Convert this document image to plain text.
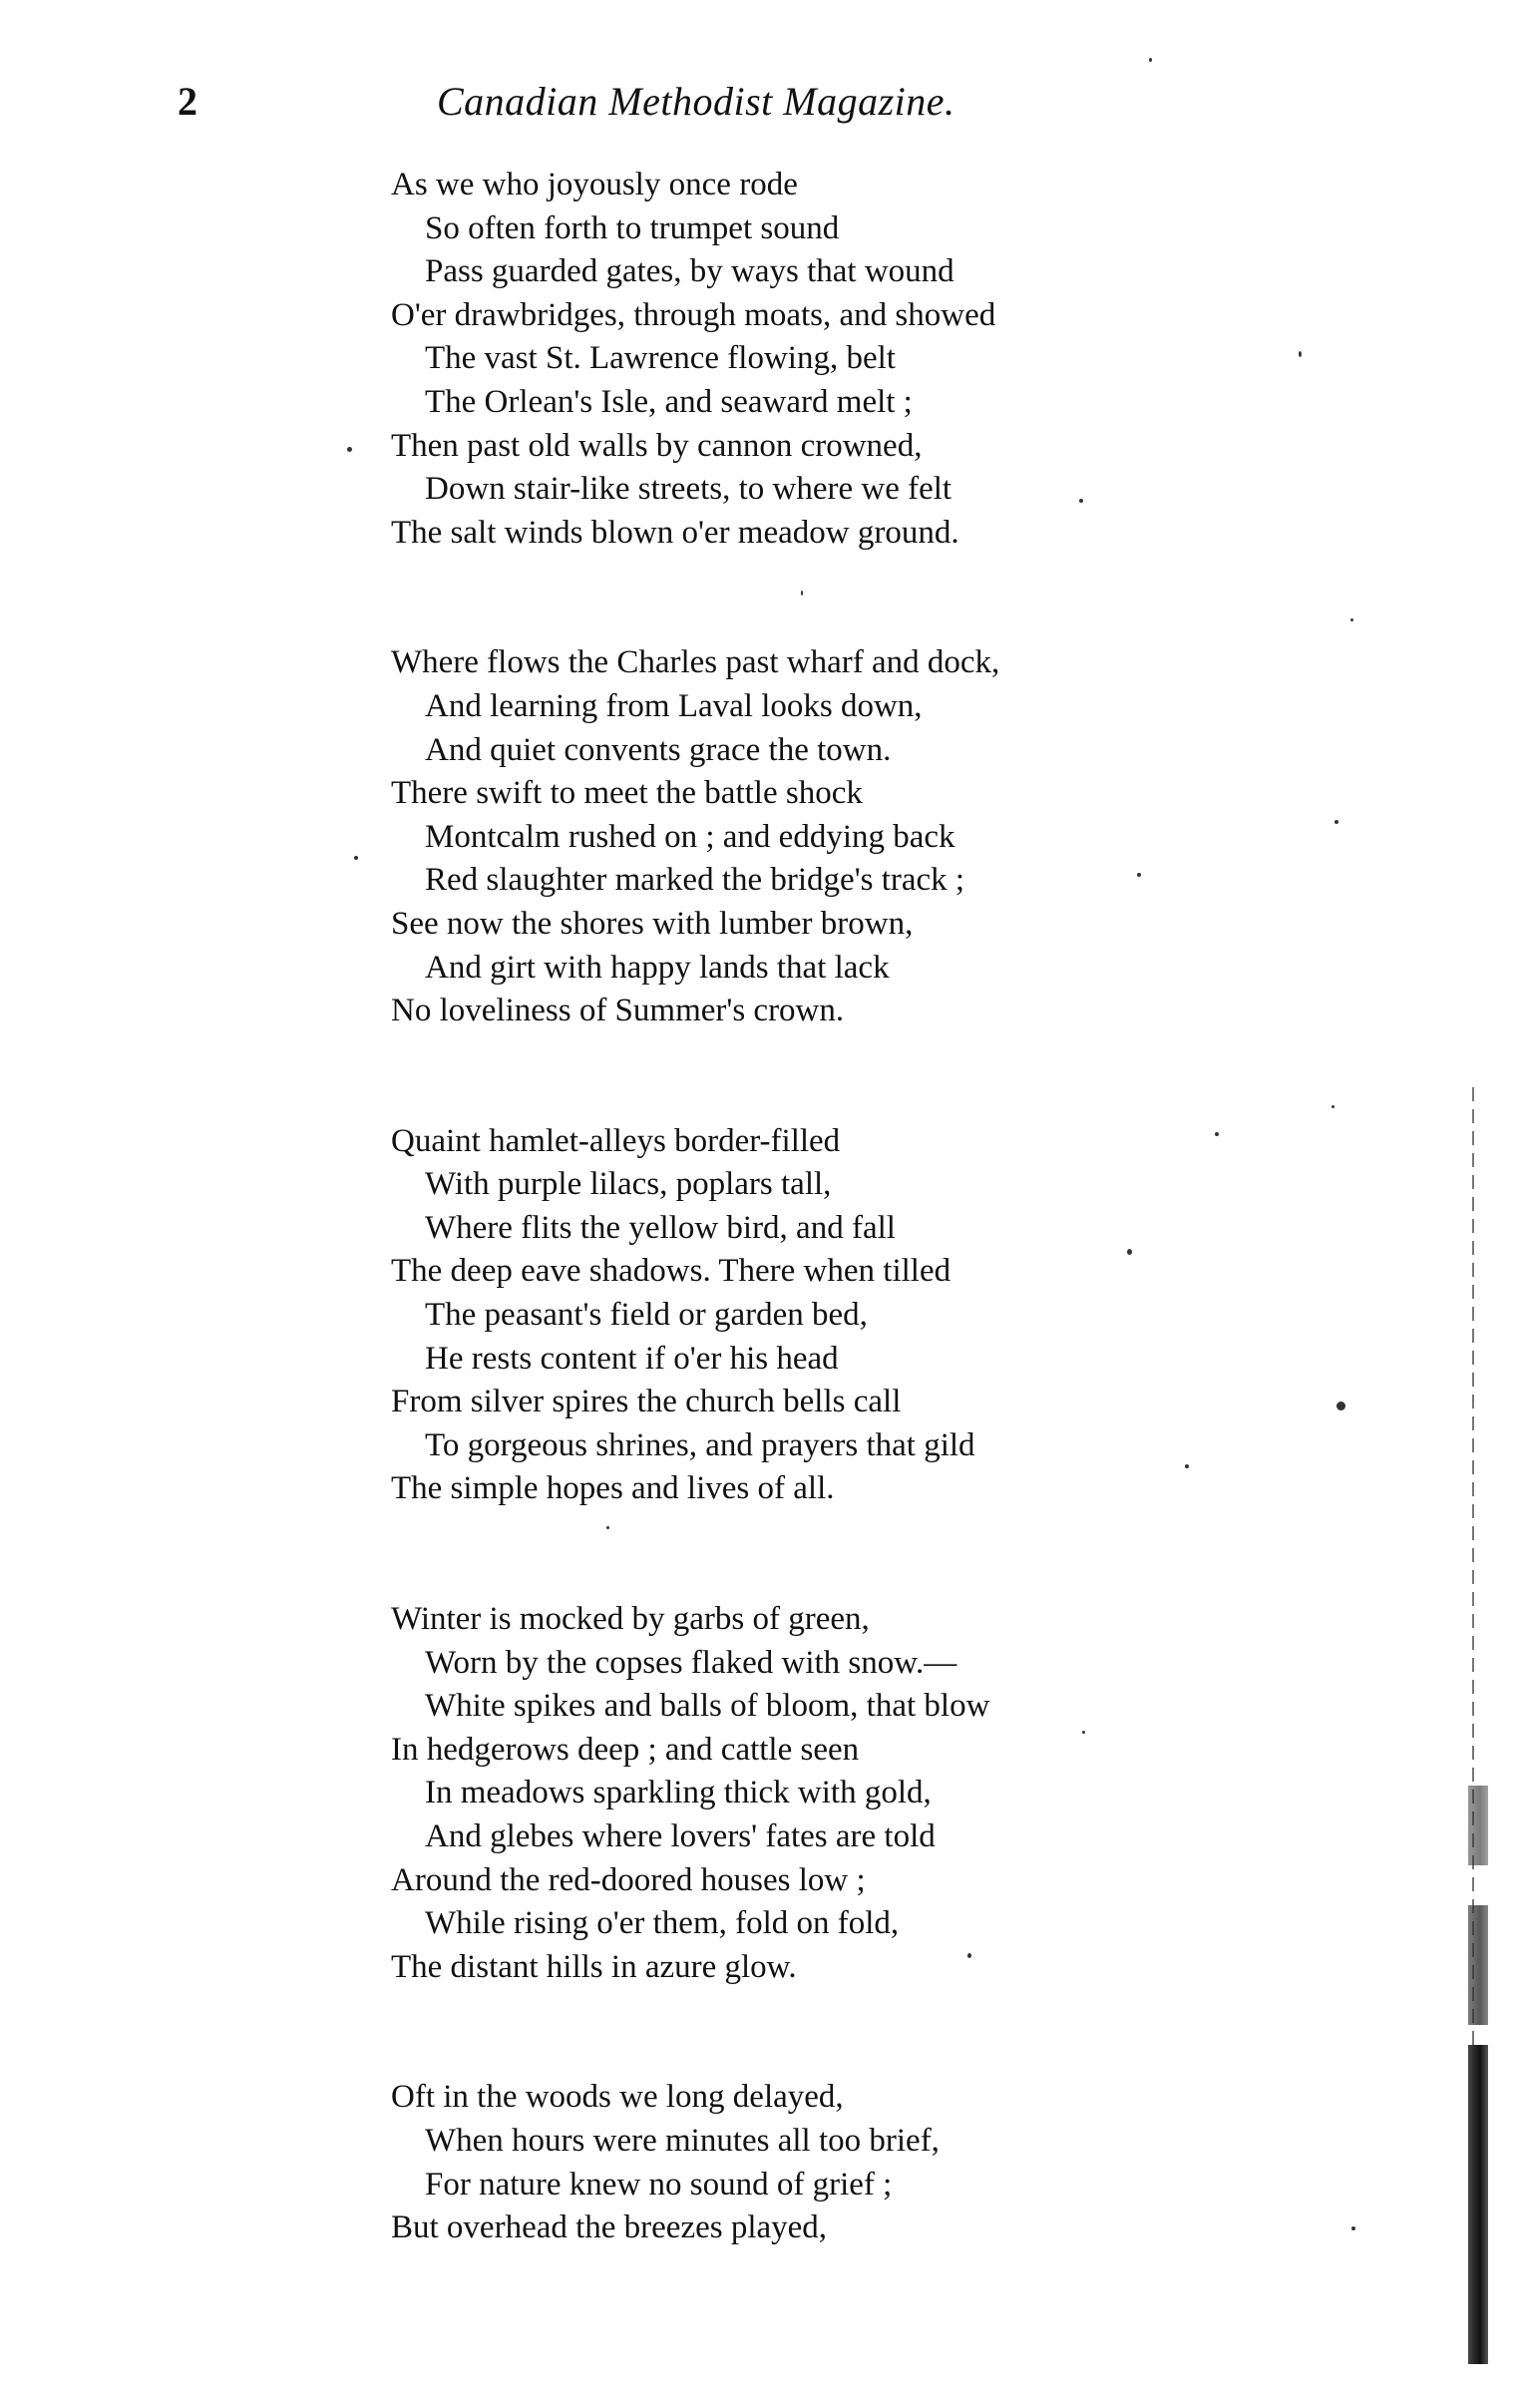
2	Canadian Methodist Magazine.
As we who joyously once rode
So often forth to trumpet sound
Pass guarded gates, by ways that wound
O'er drawbridges, through moats, and showed
The vast St. Lawrence flowing, belt
The Orlean's Isle, and seaward melt ;
Then past old walls by cannon crowned,
Down stair-like streets, to where we felt
The salt winds blown o'er meadow ground.
Where flows the Charles past wharf and dock,
And learning from Laval looks down,
And quiet convents grace the town.
There swift to meet the battle shock
Montcalm rushed on ; and eddying back
Red slaughter marked the bridge's track ;
See now the shores with lumber brown,
And girt with happy lands that lack
No loveliness of Summer's crown.
Quaint hamlet-alleys border-filled
With purple lilacs, poplars tall,
Where flits the yellow bird, and fall
The deep eave shadows. There when tilled
The peasant's field or garden bed,
He rests content if o'er his head
From silver spires the church bells call
To gorgeous shrines, and prayers that gild
The simple hopes and lives of all.
Winter is mocked by garbs of green,
Worn by the copses flaked with snow.—
White spikes and balls of bloom, that blow
In hedgerows deep ; and cattle seen
In meadows sparkling thick with gold,
And glebes where lovers' fates are told
Around the red-doored houses low ;
While rising o'er them, fold on fold,
The distant hills in azure glow.
Oft in the woods we long delayed,
When hours were minutes all too brief,
For nature knew no sound of grief ;
But overhead the breezes played,
